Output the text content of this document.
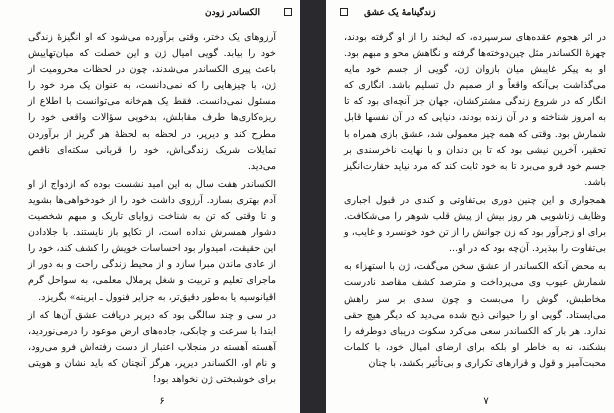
الکساندر زودن

آرزوهای یک دختر، وقتی برآورده می‌شود که او انگیزهٔ زندگی خود را بیابد. گویی امیال ژن و این خصلت که میان‌تهاییش باعث پیری الکساندر می‌شدند، چون در لحظات محرومیت از ژن، با چیزهایی را که نمی‌دانست، به عنوان یک مرد خود را مسئول نمی‌دانست. فقط یک هم‌خانه می‌توانست با اطلاع از ریزه‌کاری‌ها طرف مقابلش، بدخویی سؤالات واقعی خود را مطرح کند و دیرپر، در لحظه به لحظهٔ هر گریز از برآوردن تمایلات شریک زندگی‌اش، خود را قربانی سکته‌ای ناقص می‌دید.

الکساندر هفت سال به این امید نشست بوده که ازدواج از او آدم بهتری بسازد. آرزوی داشت خود را از خودخواهی‌ها بشوید و تا وقتی که تن به شناخت زوایای تاریک و مبهم شخصیت دشوار همسرش نداده است، از تکاپو باز نایستند. با جلادادن این حقیقت، امیدوار بود احساسات خویش را کشف کند، خود را از عادی ماندن مبرا سازد و از محیط زندگی راحت و به دور از ماجرای تعلیم و تربیت و شغل پرملال معلمی، به سواحل گرم اقیانوسیه یا به‌طور دقیق‌تر، به جزایر فنوول ـ ایرینه» بگریزد.

در سی و چند سالگی بود که دیرپر دریافت عشق آن‌ها که از ابتدا با سرعت و چابکی، جاده‌های ارض موعود را درمی‌نوردید، آهسته آهسته در منجلاب اعتبار از دست رفته‌اش فرو می‌رود، و نام او، الکساندر دیرپر، هرگز آنچنان که باید نشان و هویتی برای خوشبختی ژن نخواهد بود!

۶
زندگینامهٔ یک عشق

در اثر هجوم عقده‌های سرسپرده، که لبخند را از او گرفته بودند، چهرهٔ الکساندر مثل چین‌دوخته‌ها گرفته و نگاهش محو و مبهم بود. او به پیکر غایبش میان بازوان ژن، گویی از جسم خود مایه می‌گذاشت بی‌آنکه واقعاً و از صمیم دل تسلیم باشد. انگاری که انگار که در شروع زندگی مشترکشان، جهان جز آنچه‌ای بود که تا به امروز شناخته و در آن زنده بودند، دنیایی که در آن نفسها قابل شمارش بود. وقتی که همه چیز معمولی شد، عشق بازی همراه با تحقیر، آخرین نیشی بود که تا بن دندان و با نهایت ناخرسندی بر جسم خود فرو می‌برد تا به خود ثابت کند که مرد نیاید حقارت‌انگیز باشد.

همجواری و این چنین دوری بی‌تفاوتی و کندی در قبول اجباری وظایف زناشویی هر روز بیش از پیش قلب شوهر را می‌شکافت. برای او زجرآور بود که زن جوانش را از تن خود خونسرد و غایب، و بی‌تفاوت را بپذیرد. آن‌چه بود که در او...

به محض آنکه الکساندر از عشق سخن می‌گفت، ژن با استهزاء به شمارش عیوب وی می‌پرداخت و مترصد کشف مقاصد نادرست مخاطبش، گوش را می‌بست و چون سدی بر سر راهش می‌ایستاد. گویی او را حیوانی ذبح شده می‌دید که دیگر هیچ حقی ندارد. هر بار که الکساندر سعی می‌کرد سکوت دریبای دوطرفه را بشکند، نه به خاطر او بلکه برای ارضای امیال خود، با کلمات محبت‌آمیز و قول و قرارهای تکراری و بی‌تأثیر بکشد، با چنان

۷
